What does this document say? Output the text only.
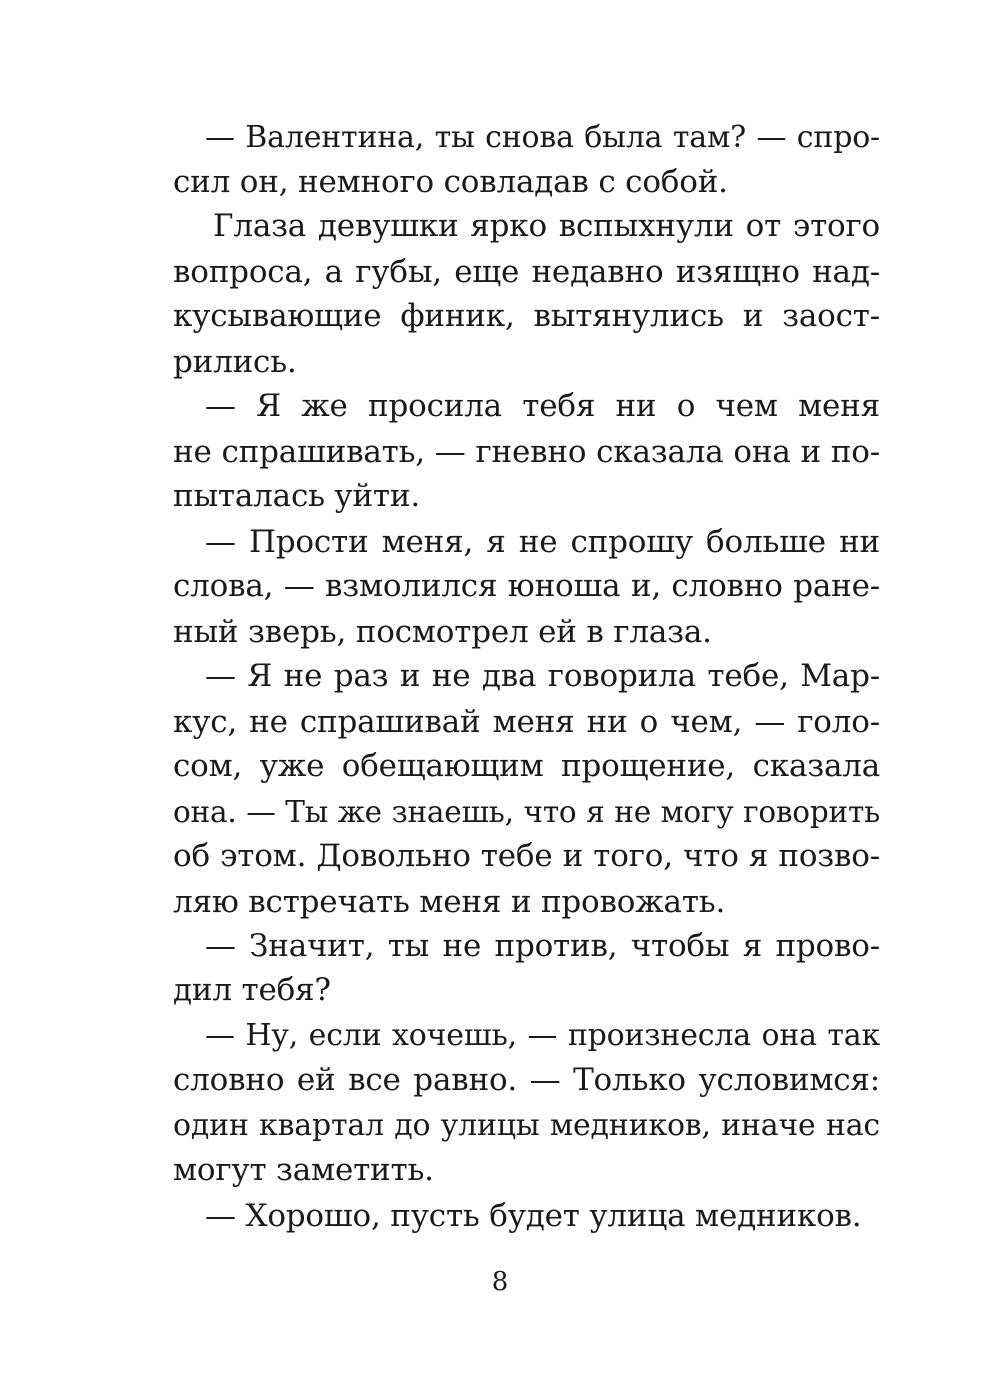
— Валентина, ты снова была там? — спро-
сил он, немного совладав с собой.
Глаза девушки ярко вспыхнули от этого
вопроса, а губы, еще недавно изящно над-
кусывающие финик, вытянулись и заост-
рились.
— Я же просила тебя ни о чем меня
не спрашивать, — гневно сказала она и по-
пыталась уйти.
— Прости меня, я не спрошу больше ни
слова, — взмолился юноша и, словно ране-
ный зверь, посмотрел ей в глаза.
— Я не раз и не два говорила тебе, Мар-
кус, не спрашивай меня ни о чем, — голо-
сом, уже обещающим прощение, сказала
она. — Ты же знаешь, что я не могу говорить
об этом. Довольно тебе и того, что я позво-
ляю встречать меня и провожать.
— Значит, ты не против, чтобы я прово-
дил тебя?
— Ну, если хочешь, — произнесла она так
словно ей все равно. — Только условимся:
один квартал до улицы медников, иначе нас
могут заметить.
— Хорошо, пусть будет улица медников.
8
